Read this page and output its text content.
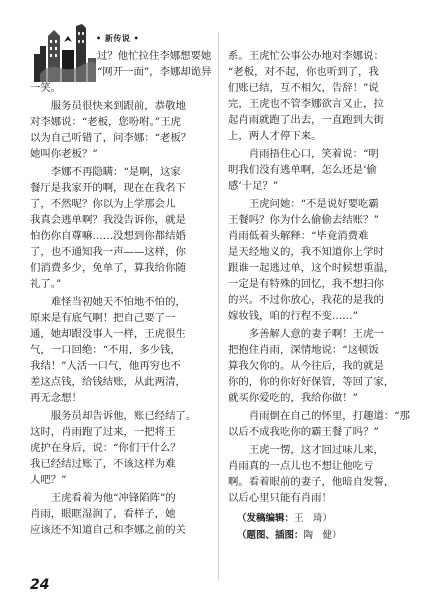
• 新传说 •
过？他忙拉住李娜想要她
“网开一面”，李娜却诡异
一笑。
　　服务员很快来到跟前，恭敬地
对李娜说：“老板，您吩咐。”王虎
以为自己听错了，问李娜：“老板？
她叫你老板？”
　　李娜不再隐瞒：“是啊，这家
餐厅是我家开的啊，现在在我名下
了，不然呢？你以为上学那会儿
我真会逃单啊？我没告诉你，就是
怕伤你自尊嘛……没想到你都结婚
了，也不通知我一声——这样，你
们消费多少，免单了，算我给你随
礼了。”
　　难怪当初她天不怕地不怕的，
原来是有底气啊！把自己要了一
通，她却跟没事人一样，王虎很生
气，一口回绝：“不用，多少钱，
我结！”人活一口气，他再穷也不
差这点钱，给钱结账，从此两清，
再无念想！
　　服务员却告诉他，账已经结了。
这时，肖雨跑了过来，一把将王
虎护在身后，说：“你们干什么？
我已经结过账了，不该这样为难
人吧？”
　　王虎看着为他“冲锋陷阵”的
肖雨，眼眶湿润了，看样子，她
应该还不知道自己和李娜之前的关
系。王虎忙公事公办地对李娜说：
“老板，对不起，你也听到了，我
们账已结，互不相欠，告辞！”说
完，王虎也不管李娜欲言又止，拉
起肖雨就跑了出去，一直跑到大街
上，两人才停下来。
　　肖雨捂住心口，笑着说：“明
明我们没有逃单啊，怎么还是‘偷
感’十足？”
　　王虎问她：“不是说好要吃霸
王餐吗？你为什么偷偷去结账？”
肖雨低着头解释：“毕竟消费难
是天经地义的，我不知道你上学时
跟谁一起逃过单，这个时候想重温，
一定是有特殊的回忆，我不想扫你
的兴。不过你放心，我花的是我的
嫁妆钱，咱的行程不变……”
　　多善解人意的妻子啊！王虎一
把抱住肖雨，深情地说：“这顿饭
算我欠你的。从今往后，我的就是
你的，你的你好好保管，等回了家，
就买你爱吃的，我给你做！”
　　肖雨倒在自己的怀里，打趣道：“那
以后不成我吃你的霸王餐了吗？”
　　王虎一愣，这才回过味儿来，
肖雨真的一点儿也不想让他吃亏
啊。看着眼前的妻子，他暗自发誓，
以后心里只能有肖雨！
（发稿编辑：王　琦）
（题图、插图：陶　健）
24
